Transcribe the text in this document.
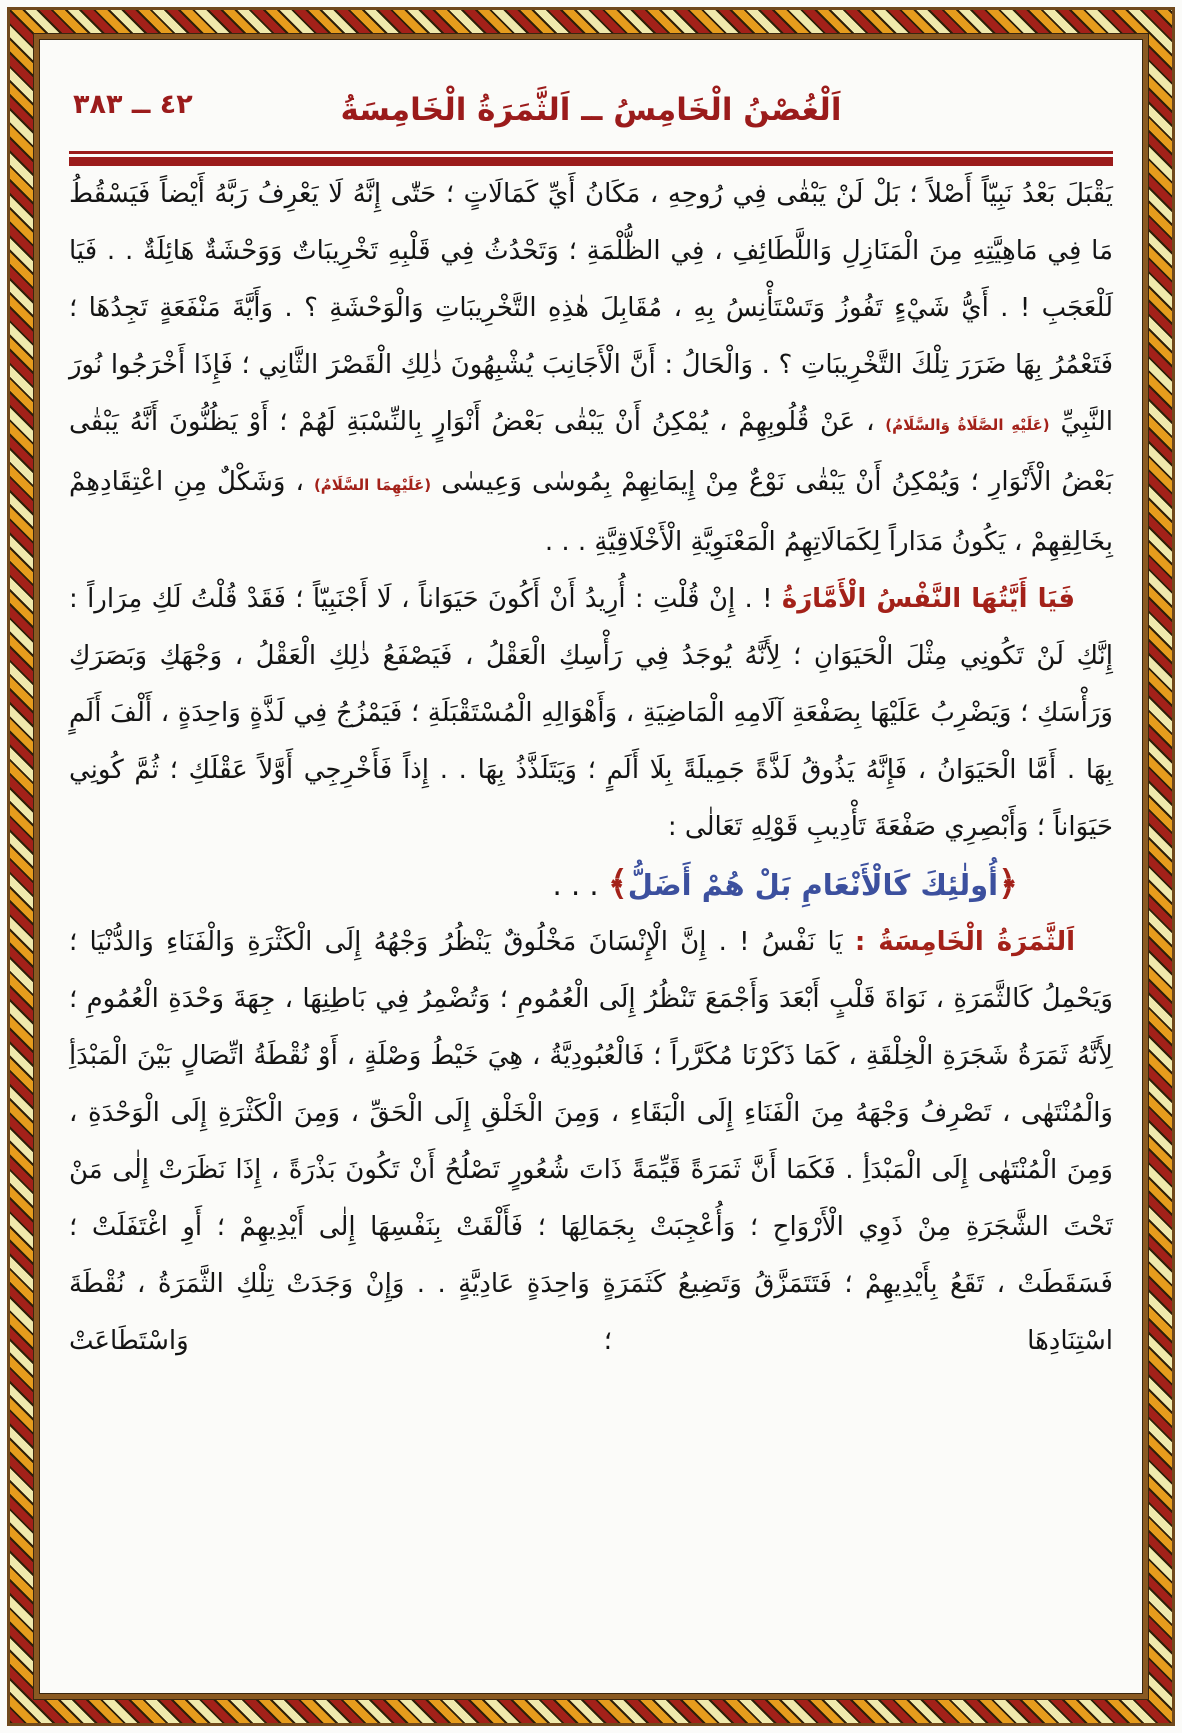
٤٢ ــ ٣٨٣	اَلْغُصْنُ الْخَامِسُ ــ اَلثَّمَرَةُ الْخَامِسَةُ

يَقْبَلَ بَعْدُ نَبِيّاً أَصْلاً ؛ بَلْ لَنْ يَبْقٰى فِي رُوحِهِ ، مَكَانُ أَيِّ كَمَالَاتٍ ؛ حَتّٰى إِنَّهُ لَا يَعْرِفُ رَبَّهُ أَيْضاً فَيَسْقُطُ مَا فِي مَاهِيَّتِهِ مِنَ الْمَنَازِلِ وَاللَّطَائِفِ ، فِي الظُّلْمَةِ ؛ وَتَحْدُثُ فِي قَلْبِهِ تَخْرِيبَاتٌ وَوَحْشَةٌ هَائِلَةٌ . . فَيَا لَلْعَجَبِ ! . أَيُّ شَيْءٍ تَفُوزُ وَتَسْتَأْنِسُ بِهِ ، مُقَابِلَ هٰذِهِ التَّخْرِيبَاتِ وَالْوَحْشَةِ ؟ . وَأَيَّةَ مَنْفَعَةٍ تَجِدُهَا ؛ فَتَعْمُرُ بِهَا ضَرَرَ تِلْكَ التَّخْرِيبَاتِ ؟ . وَالْحَالُ : أَنَّ الْأَجَانِبَ يُشْبِهُونَ ذٰلِكِ الْقَصْرَ الثَّانِي ؛ فَإِذَا أَخْرَجُوا نُورَ النَّبِيِّ (عَلَيْهِ الصَّلَاةُ وَالسَّلَامُ) ، عَنْ قُلُوبِهِمْ ، يُمْكِنُ أَنْ يَبْقٰى بَعْضُ أَنْوَارٍ بِالنِّسْبَةِ لَهُمْ ؛ أَوْ يَظُنُّونَ أَنَّهُ يَبْقٰى بَعْضُ الْأَنْوَارِ ؛ وَيُمْكِنُ أَنْ يَبْقٰى نَوْعٌ مِنْ إِيمَانِهِمْ بِمُوسٰى وَعِيسٰى (عَلَيْهِمَا السَّلَامُ) ، وَشَكْلٌ مِنِ اعْتِقَادِهِمْ بِخَالِقِهِمْ ، يَكُونُ مَدَاراً لِكَمَالَاتِهِمُ الْمَعْنَوِيَّةِ الْأَخْلَاقِيَّةِ . . .

فَيَا أَيَّتُهَا النَّفْسُ الْأَمَّارَةُ ! . إِنْ قُلْتِ : أُرِيدُ أَنْ أَكُونَ حَيَوَاناً ، لَا أَجْنَبِيّاً ؛ فَقَدْ قُلْتُ لَكِ مِرَاراً : إِنَّكِ لَنْ تَكُونِي مِثْلَ الْحَيَوَانِ ؛ لِأَنَّهُ يُوجَدُ فِي رَأْسِكِ الْعَقْلُ ، فَيَصْفَعُ ذٰلِكِ الْعَقْلُ ، وَجْهَكِ وَبَصَرَكِ وَرَأْسَكِ ؛ وَيَضْرِبُ عَلَيْهَا بِصَفْعَةِ آلَامِهِ الْمَاضِيَةِ ، وَأَهْوَالِهِ الْمُسْتَقْبَلَةِ ؛ فَيَمْزُجُ فِي لَذَّةٍ وَاحِدَةٍ ، أَلْفَ أَلَمٍ بِهَا . أَمَّا الْحَيَوَانُ ، فَإِنَّهُ يَذُوقُ لَذَّةً جَمِيلَةً بِلَا أَلَمٍ ؛ وَيَتَلَذَّذُ بِهَا . . إِذاً فَأَخْرِجِي أَوَّلاً عَقْلَكِ ؛ ثُمَّ كُونِي حَيَوَاناً ؛ وَأَبْصِرِي صَفْعَةَ تَأْدِيبِ قَوْلِهِ تَعَالٰى :

﴿أُولٰئِكَ كَالْأَنْعَامِ بَلْ هُمْ أَضَلُّ﴾ . . .

اَلثَّمَرَةُ الْخَامِسَةُ : يَا نَفْسُ ! . إِنَّ الْإِنْسَانَ مَخْلُوقٌ يَنْظُرُ وَجْهُهُ إِلَى الْكَثْرَةِ وَالْفَنَاءِ وَالدُّنْيَا ؛ وَيَحْمِلُ كَالثَّمَرَةِ ، نَوَاةَ قَلْبٍ أَبْعَدَ وَأَجْمَعَ تَنْظُرُ إِلَى الْعُمُومِ ؛ وَتُضْمِرُ فِي بَاطِنِهَا ، جِهَةَ وَحْدَةِ الْعُمُومِ ؛ لِأَنَّهُ ثَمَرَةُ شَجَرَةِ الْخِلْقَةِ ، كَمَا ذَكَرْنَا مُكَرَّراً ؛ فَالْعُبُودِيَّةُ ، هِيَ خَيْطُ وَصْلَةٍ ، أَوْ نُقْطَةُ اتِّصَالٍ بَيْنَ الْمَبْدَأِ وَالْمُنْتَهٰى ، تَصْرِفُ وَجْهَهُ مِنَ الْفَنَاءِ إِلَى الْبَقَاءِ ، وَمِنَ الْخَلْقِ إِلَى الْحَقِّ ، وَمِنَ الْكَثْرَةِ إِلَى الْوَحْدَةِ ، وَمِنَ الْمُنْتَهٰى إِلَى الْمَبْدَأِ . فَكَمَا أَنَّ ثَمَرَةً قَيِّمَةً ذَاتَ شُعُورٍ تَصْلُحُ أَنْ تَكُونَ بَذْرَةً ، إِذَا نَظَرَتْ إِلٰى مَنْ تَحْتَ الشَّجَرَةِ مِنْ ذَوِي الْأَرْوَاحِ ؛ وَأُعْجِبَتْ بِجَمَالِهَا ؛ فَأَلْقَتْ بِنَفْسِهَا إِلٰى أَيْدِيهِمْ ؛ أَوِ اغْتَفَلَتْ ؛ فَسَقَطَتْ ، تَقَعُ بِأَيْدِيهِمْ ؛ فَتَتَمَزَّقُ وَتَضِيعُ كَثَمَرَةٍ وَاحِدَةٍ عَادِيَّةٍ . . وَإِنْ وَجَدَتْ تِلْكِ الثَّمَرَةُ ، نُقْطَةَ اسْتِنَادِهَا ؛ وَاسْتَطَاعَتْ
